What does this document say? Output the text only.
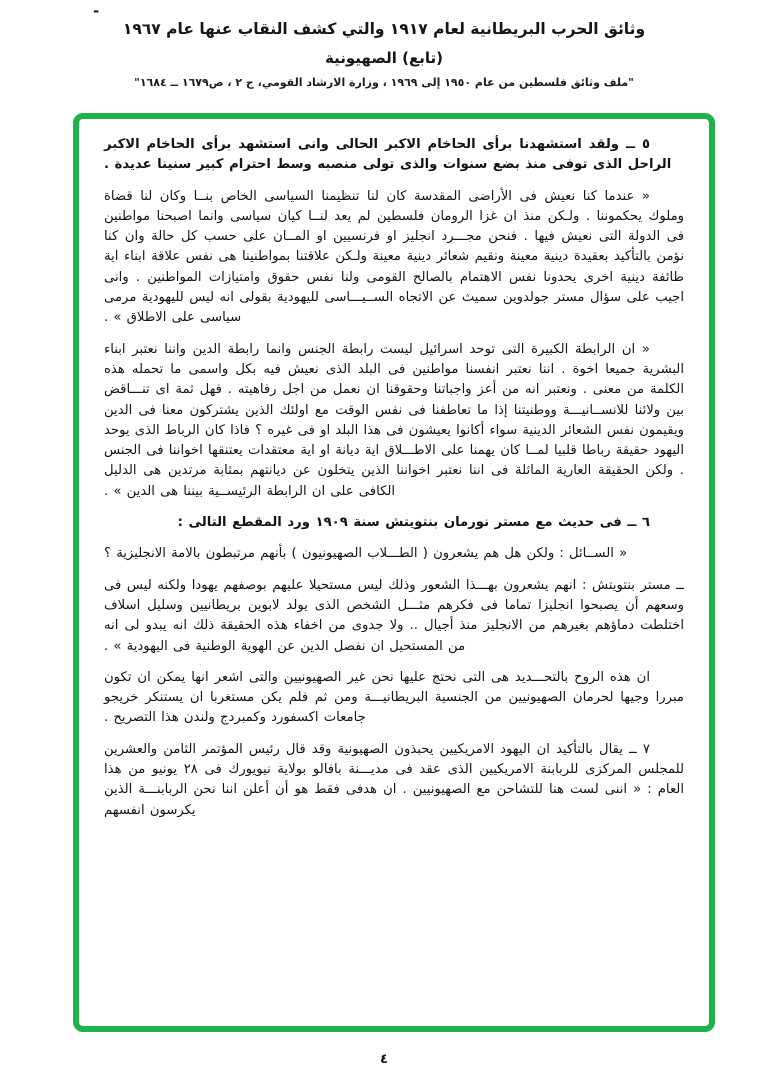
-
وثائق الحرب البريطانية لعام ١٩١٧ والتي كشف النقاب عنها عام ١٩٦٧
(تابع) الصهيونية
"ملف وثائق فلسطين من عام ١٩٥٠ إلى ١٩٦٩ ، وزارة الارشاد القومي، ج ٢ ، ص١٦٧٩ ــ ١٦٨٤"

٥ ــ ولقد استشهدنا برأى الحاخام الاكبر الحالى وانى استشهد برأى الحاخام الاكبر الراحل الذى توفى منذ بضع سنوات والذى تولى منصبه وسط احترام كبير سنينا عديدة .

« عندما كنا نعيش فى الأراضى المقدسة كان لنا تنظيمنا السياسى الخاص بنــا وكان لنا قضاة وملوك يحكموننا . ولـكن منذ ان غزا الرومان فلسطين لم يعد لنــا كيان سياسى وانما اصبحنا مواطنين فى الدولة التى نعيش فيها . فنحن مجـــرد انجليز او فرنسيين او المــان على حسب كل حالة وان كنا نؤمن بالتأكيد بعقيدة دينية معينة ونقيم شعائر دينية معينة ولـكن علاقتنا بمواطنينا هى نفس علاقة ابناء اية طائفة دينية اخرى يحدونا نفس الاهتمام بالصالح القومى ولنا نفس حقوق وامتيازات المواطنين . وانى اجيب على سؤال مستر جولدوين سميث عن الاتجاه الســيـــاسى لليهودية بقولى انه ليس لليهودية مرمى سياسى على الاطلاق » .

« ان الرابطة الكبيرة التى توحد اسرائيل ليست رابطة الجنس وانما رابطة الدين واننا نعتبر ابناء البشرية جميعا اخوة . اننا نعتبر انفسنا مواطنين فى البلد الذى نعيش فيه بكل واسمى ما تحمله هذه الكلمة من معنى . ونعتبر انه من أعز واجباتنا وحقوقنا ان نعمل من اجل رفاهيته . فهل ثمة اى تنـــاقض بين ولائنا للانســانيـــة ووطنيتنا إذا ما تعاطفنا فى نفس الوقت مع اولئك الذين يشتركون معنا فى الدين ويقيمون نفس الشعائر الدينية سواء أكانوا يعيشون فى هذا البلد او فى غيره ؟ فاذا كان الرباط الذى يوحد اليهود حقيقة رباطا قلبيا لمــا كان يهمنا على الاطـــلاق اية ديانة او اية معتقدات يعتنقها اخواننا فى الجنس . ولكن الحقيقة العارية الماثلة فى اننا نعتبر اخواننا الذين يتخلون عن ديانتهم بمثابة مرتدين هى الدليل الكافى على ان الرابطة الرئيســية بيننا هى الدين » .

٦ ــ فى حديث مع مستر نورمان بنتويتش سنة ١٩٠٩ ورد المقطع التالى :

« الســائل : ولكن هل هم يشعرون ( الطـــلاب الصهيونيون ) بأنهم مرتبطون بالامة الانجليزية ؟

ــ مستر بنتويتش : انهم يشعرون بهـــذا الشعور وذلك ليس مستحيلا عليهم بوصفهم يهودا ولكنه ليس فى وسعهم أن يصبحوا انجليزا تماما فى فكرهم مثـــل الشخص الذى يولد لابوين بريطانيين وسليل اسلاف اختلطت دماؤهم بغيرهم من الانجليز منذ أجيال .. ولا جدوى من اخفاء هذه الحقيقة ذلك انه يبدو لى انه من المستحيل ان نفصل الدين عن الهوية الوطنية فى اليهودية » .

ان هذه الروح بالتحـــديد هى التى نحتج عليها نحن غير الصهيونيين والتى اشعر انها يمكن ان تكون مبررا وجيها لحرمان الصهيونيين من الجنسية البريطانيـــة ومن ثم فلم يكن مستغربا ان يستنكر خريجو جامعات اكسفورد وكمبردج ولندن هذا التصريح .

٧ ــ يقال بالتأكيد ان اليهود الامريكيين يحبذون الصهيونية وقد قال رئيس المؤتمر الثامن والعشرين للمجلس المركزى للربابنة الامريكيين الذى عقد فى مديـــنة بافالو بولاية نيويورك فى ٢٨ يونيو من هذا العام : « اننى لست هنا للتشاحن مع الصهيونيين . ان هدفى فقط هو أن أعلن اننا نحن الربابنـــة الذين يكرسون انفسهم

٤
